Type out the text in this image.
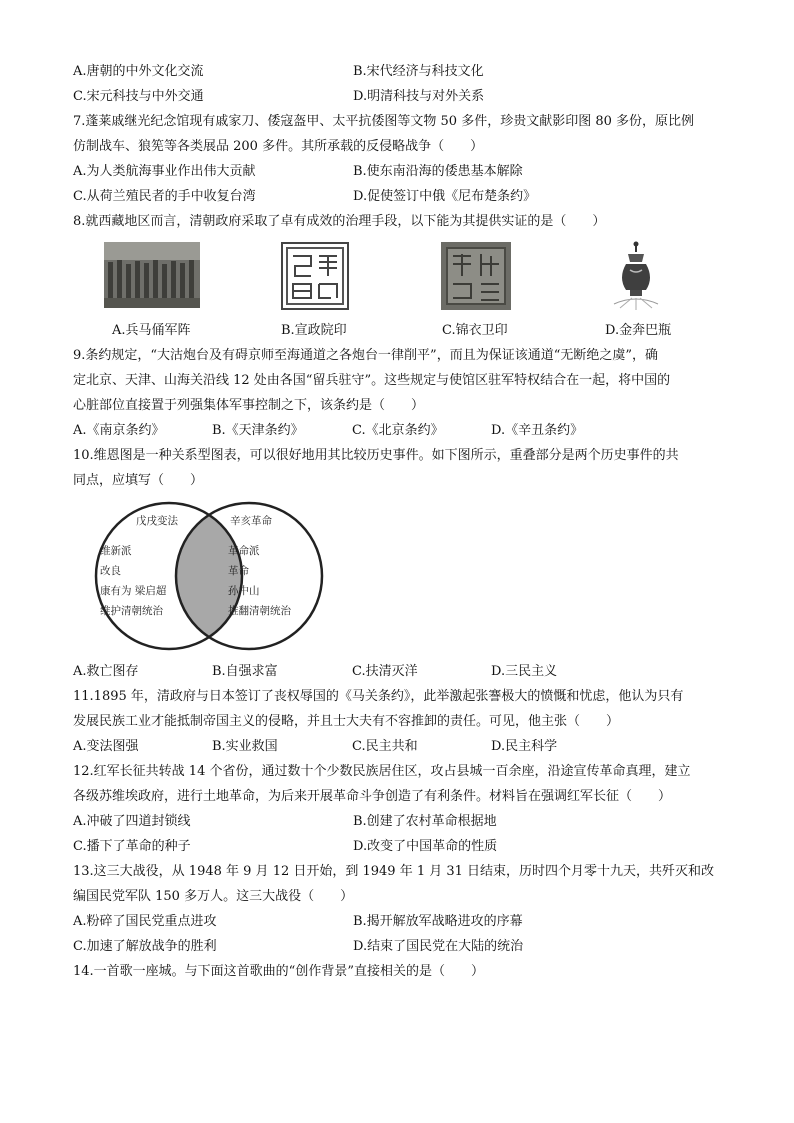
A.唐朝的中外文化交流	B.宋代经济与科技文化
C.宋元科技与中外交通	D.明清科技与对外关系
7.蓬莱戚继光纪念馆现有戚家刀、倭寇盔甲、太平抗倭图等文物 50 多件，珍贵文献影印图 80 多份，原比例
仿制战车、狼筅等各类展品 200 多件。其所承载的反侵略战争（　　）
A.为人类航海事业作出伟大贡献	B.使东南沿海的倭患基本解除
C.从荷兰殖民者的手中收复台湾	D.促使签订中俄《尼布楚条约》
8.就西藏地区而言，清朝政府采取了卓有成效的治理手段，以下能为其提供实证的是（　　）
A.兵马俑军阵	B.宣政院印	C.锦衣卫印	D.金奔巴瓶
9.条约规定，“大沽炮台及有碍京师至海通道之各炮台一律削平”，而且为保证该通道“无断绝之虞”，确
定北京、天津、山海关沿线 12 处由各国“留兵驻守”。这些规定与使馆区驻军特权结合在一起，将中国的
心脏部位直接置于列强集体军事控制之下，该条约是（　　）
A.《南京条约》	B.《天津条约》	C.《北京条约》	D.《辛丑条约》
10.维恩图是一种关系型图表，可以很好地用其比较历史事件。如下图所示，重叠部分是两个历史事件的共
同点，应填写（　　）
戊戌变法
维新派
改良
康有为 梁启超
维护清朝统治
辛亥革命
革命派
革命
孙中山
推翻清朝统治
A.救亡图存	B.自强求富	C.扶清灭洋	D.三民主义
11.1895 年，清政府与日本签订了丧权辱国的《马关条约》，此举激起张謇极大的愤慨和忧虑，他认为只有
发展民族工业才能抵制帝国主义的侵略，并且士大夫有不容推卸的责任。可见，他主张（　　）
A.变法图强	B.实业救国	C.民主共和	D.民主科学
12.红军长征共转战 14 个省份，通过数十个少数民族居住区，攻占县城一百余座，沿途宣传革命真理，建立
各级苏维埃政府，进行土地革命，为后来开展革命斗争创造了有利条件。材料旨在强调红军长征（　　）
A.冲破了四道封锁线	B.创建了农村革命根据地
C.播下了革命的种子	D.改变了中国革命的性质
13.这三大战役，从 1948 年 9 月 12 日开始，到 1949 年 1 月 31 日结束，历时四个月零十九天，共歼灭和改
编国民党军队 150 多万人。这三大战役（　　）
A.粉碎了国民党重点进攻	B.揭开解放军战略进攻的序幕
C.加速了解放战争的胜利	D.结束了国民党在大陆的统治
14.一首歌一座城。与下面这首歌曲的“创作背景”直接相关的是（　　）
